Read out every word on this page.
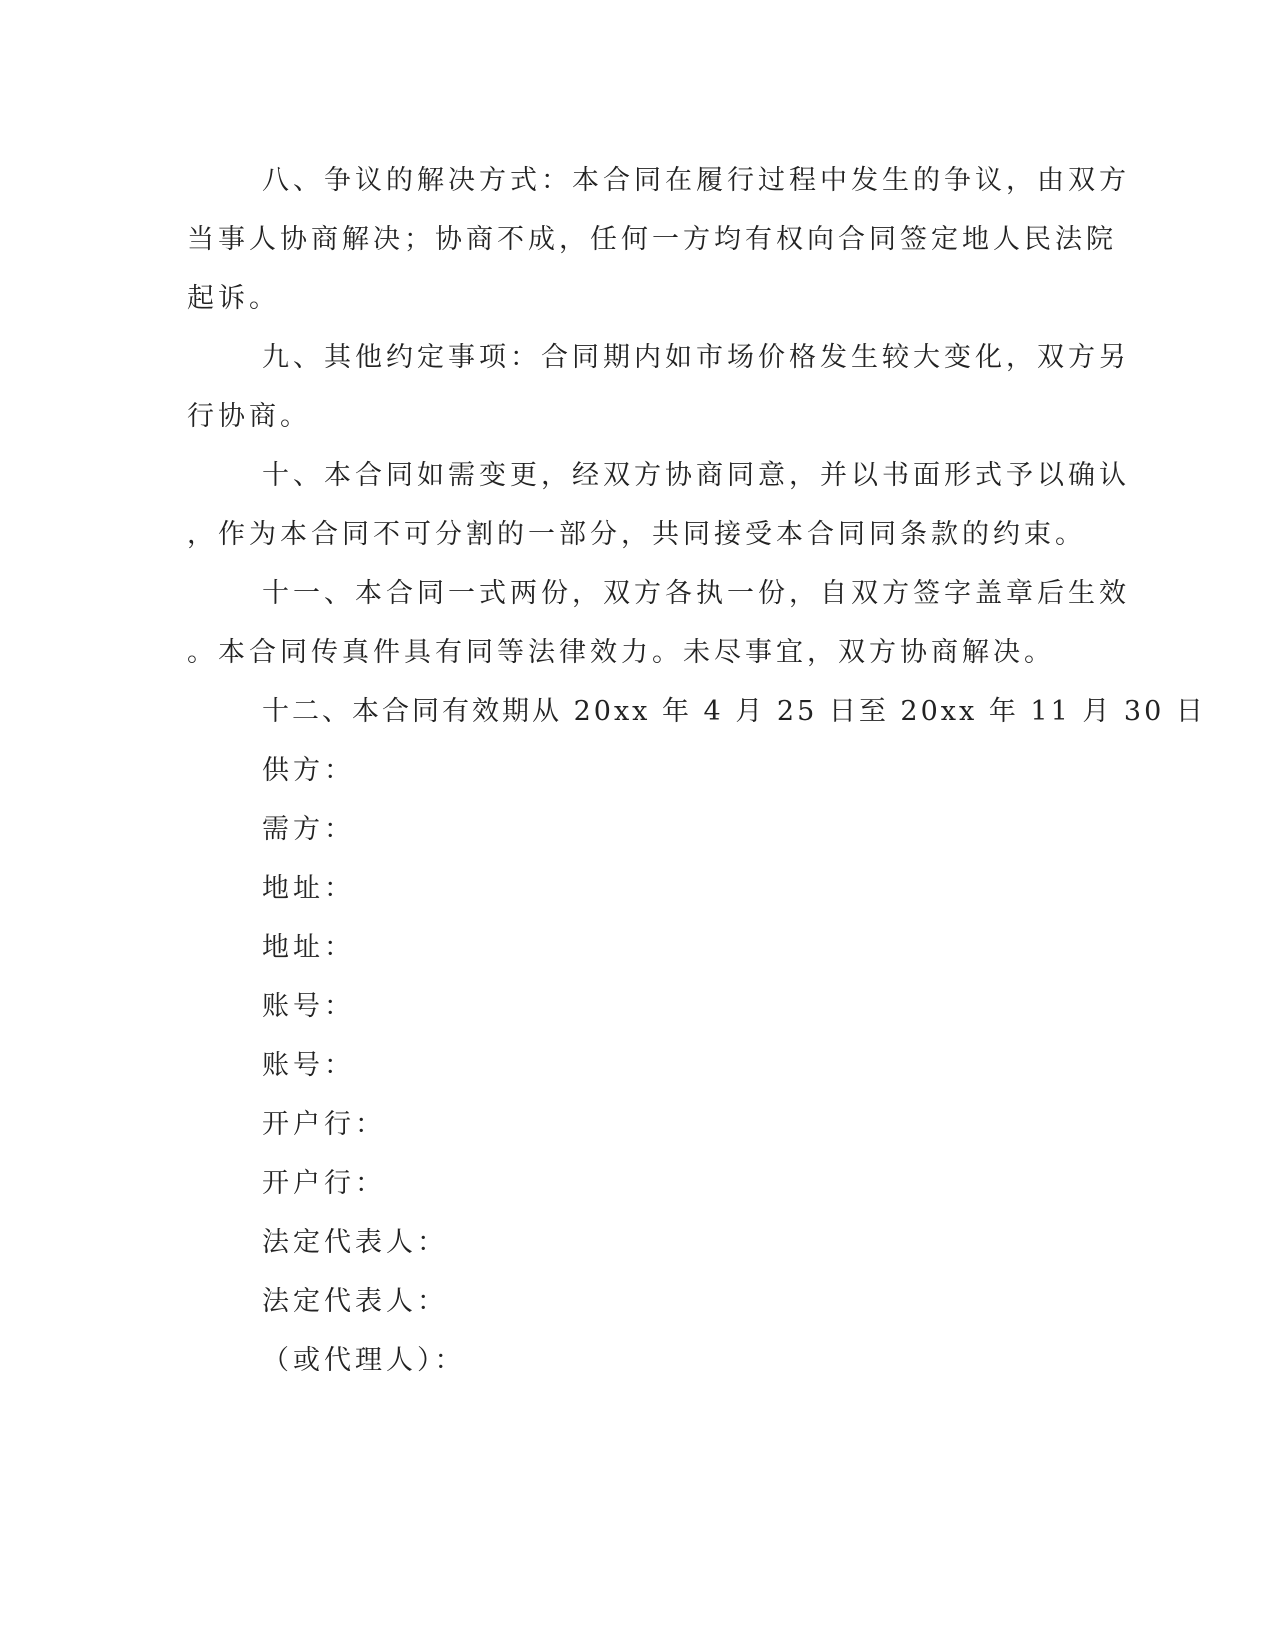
八、争议的解决方式：本合同在履行过程中发生的争议，由双方
当事人协商解决；协商不成，任何一方均有权向合同签定地人民法院
起诉。
九、其他约定事项：合同期内如市场价格发生较大变化，双方另
行协商。
十、本合同如需变更，经双方协商同意，并以书面形式予以确认
，作为本合同不可分割的一部分，共同接受本合同同条款的约束。
十一、本合同一式两份，双方各执一份，自双方签字盖章后生效
。本合同传真件具有同等法律效力。未尽事宜，双方协商解决。
十二、本合同有效期从 20xx 年 4 月 25 日至 20xx 年 11 月 30 日
供方：
需方：
地址：
地址：
账号：
账号：
开户行：
开户行：
法定代表人：
法定代表人：
（或代理人）：
